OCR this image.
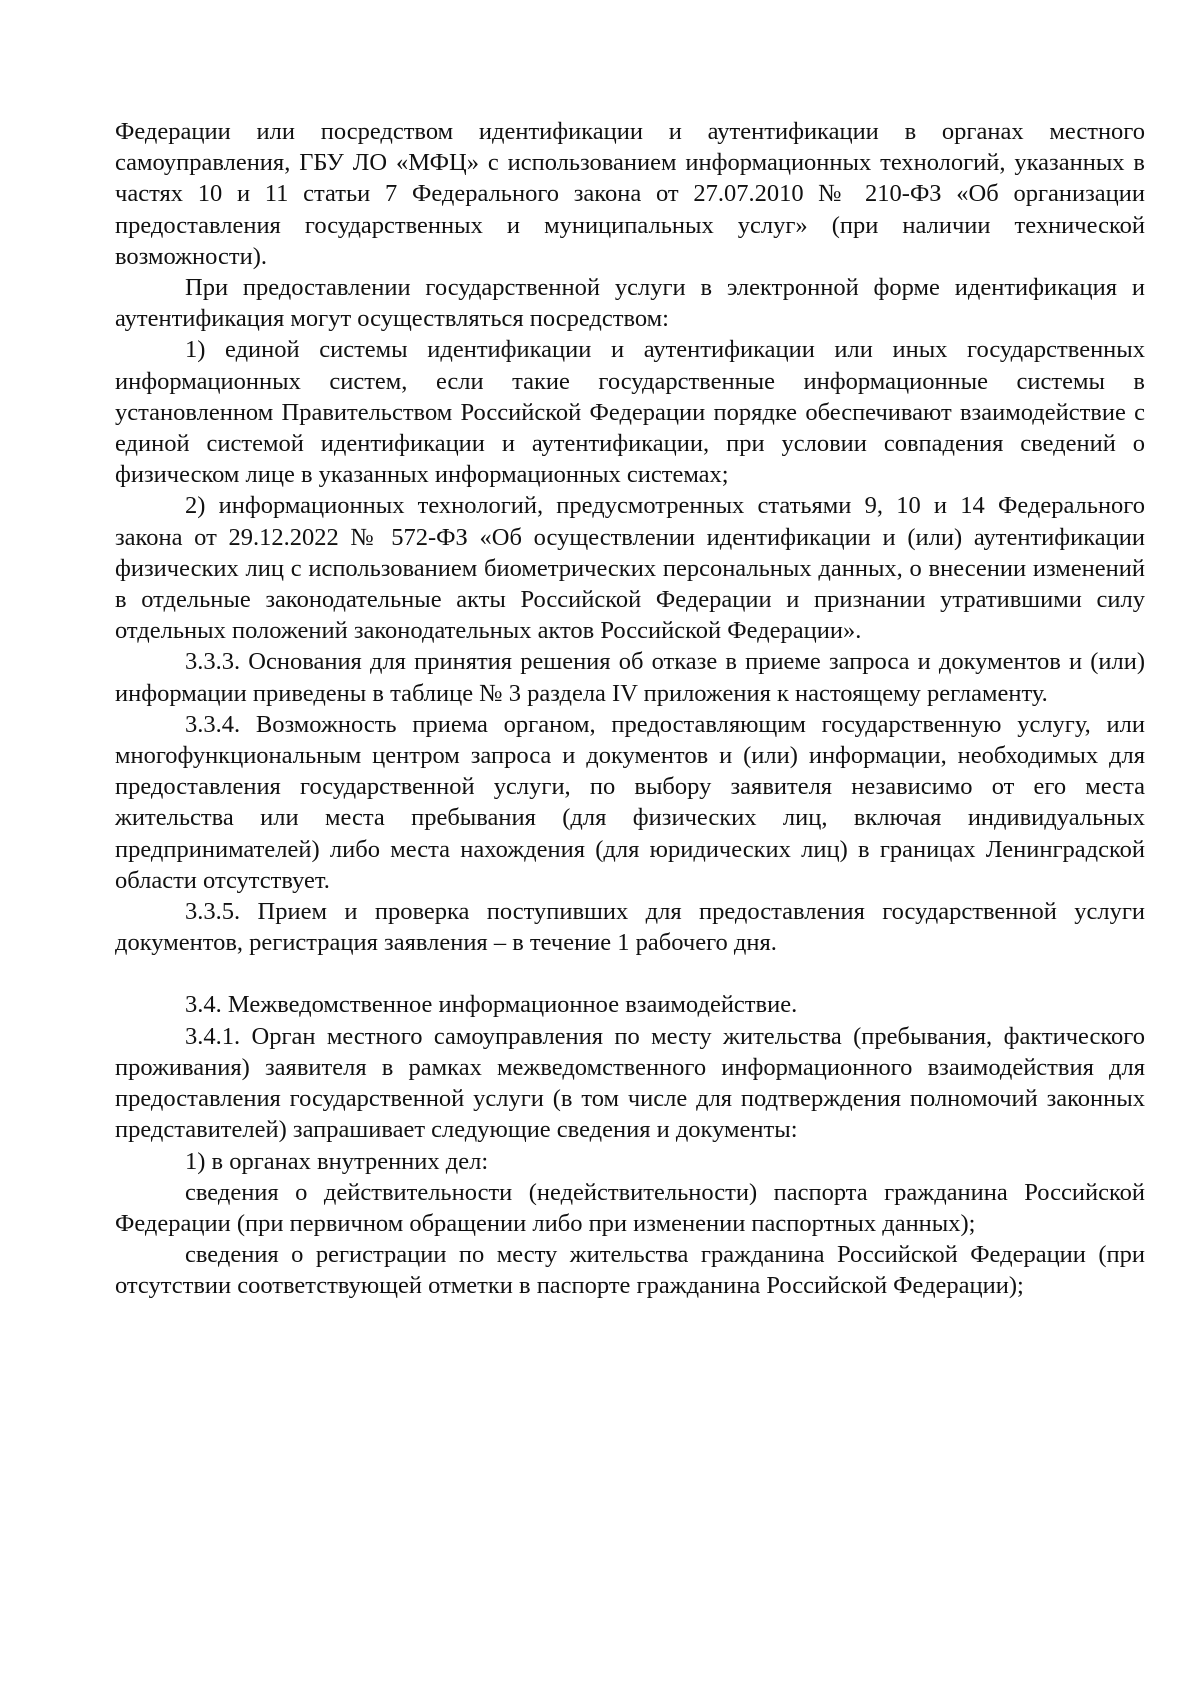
Федерации или посредством идентификации и аутентификации в органах местного самоуправления, ГБУ ЛО «МФЦ» с использованием информационных технологий, указанных в частях 10 и 11 статьи 7 Федерального закона от 27.07.2010 № 210-ФЗ «Об организации предоставления государственных и муниципальных услуг» (при наличии технической возможности).

При предоставлении государственной услуги в электронной форме идентификация и аутентификация могут осуществляться посредством:

1) единой системы идентификации и аутентификации или иных государственных информационных систем, если такие государственные информационные системы в установленном Правительством Российской Федерации порядке обеспечивают взаимодействие с единой системой идентификации и аутентификации, при условии совпадения сведений о физическом лице в указанных информационных системах;

2) информационных технологий, предусмотренных статьями 9, 10 и 14 Федерального закона от 29.12.2022 № 572-ФЗ «Об осуществлении идентификации и (или) аутентификации физических лиц с использованием биометрических персональных данных, о внесении изменений в отдельные законодательные акты Российской Федерации и признании утратившими силу отдельных положений законодательных актов Российской Федерации».

3.3.3. Основания для принятия решения об отказе в приеме запроса и документов и (или) информации приведены в таблице № 3 раздела IV приложения к настоящему регламенту.

3.3.4. Возможность приема органом, предоставляющим государственную услугу, или многофункциональным центром запроса и документов и (или) информации, необходимых для предоставления государственной услуги, по выбору заявителя независимо от его места жительства или места пребывания (для физических лиц, включая индивидуальных предпринимателей) либо места нахождения (для юридических лиц) в границах Ленинградской области отсутствует.

3.3.5. Прием и проверка поступивших для предоставления государственной услуги документов, регистрация заявления – в течение 1 рабочего дня.

3.4. Межведомственное информационное взаимодействие.

3.4.1. Орган местного самоуправления по месту жительства (пребывания, фактического проживания) заявителя в рамках межведомственного информационного взаимодействия для предоставления государственной услуги (в том числе для подтверждения полномочий законных представителей) запрашивает следующие сведения и документы:

1) в органах внутренних дел:

сведения о действительности (недействительности) паспорта гражданина Российской Федерации (при первичном обращении либо при изменении паспортных данных);

сведения о регистрации по месту жительства гражданина Российской Федерации (при отсутствии соответствующей отметки в паспорте гражданина Российской Федерации);
